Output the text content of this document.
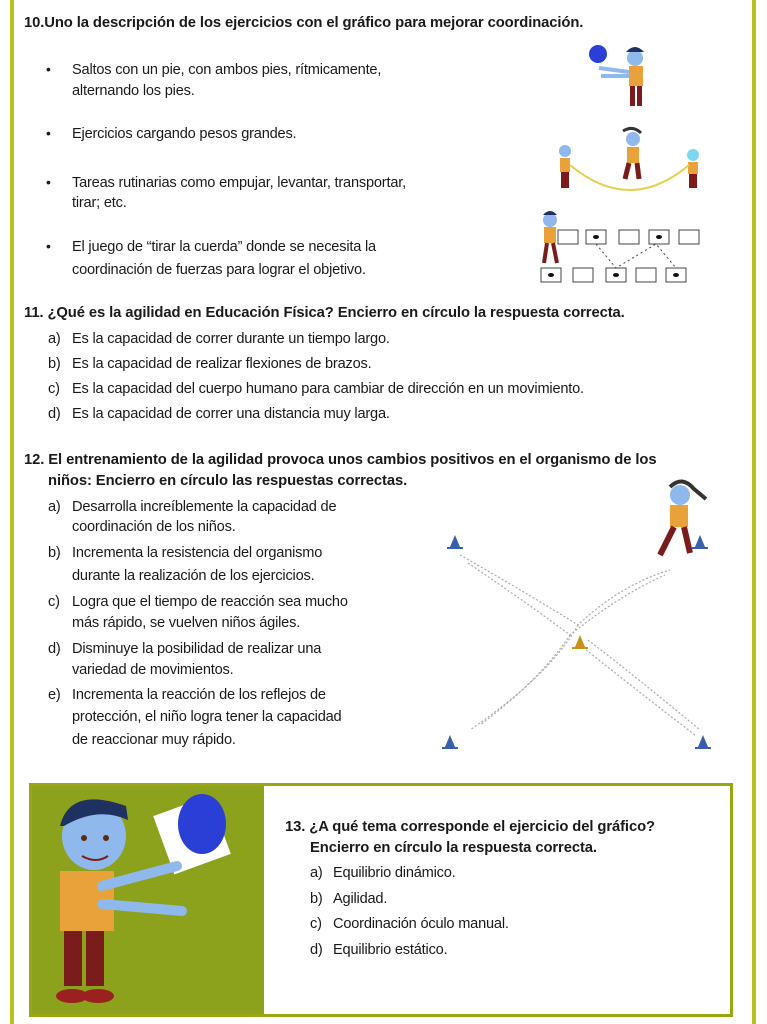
10.Uno la descripción de los ejercicios con el gráfico para mejorar coordinación.
• Saltos con un pie, con ambos pies, rítmicamente,
alternando los pies.
• Ejercicios cargando pesos grandes.
• Tareas rutinarias como empujar, levantar, transportar,
tirar; etc.
• El juego de “tirar la cuerda” donde se necesita la
coordinación de fuerzas para lograr el objetivo.
11. ¿Qué es la agilidad en Educación Física? Encierro en círculo la respuesta correcta.
a) Es la capacidad de correr durante un tiempo largo.
b) Es la capacidad de realizar flexiones de brazos.
c) Es la capacidad del cuerpo humano para cambiar de dirección en un movimiento.
d) Es la capacidad de correr una distancia muy larga.
12. El entrenamiento de la agilidad provoca unos cambios positivos en el organismo de los
niños: Encierro en círculo las respuestas correctas.
a) Desarrolla increíblemente la capacidad de
coordinación de los niños.
b) Incrementa la resistencia del organismo
durante la realización de los ejercicios.
c) Logra que el tiempo de reacción sea mucho
más rápido, se vuelven niños ágiles.
d) Disminuye la posibilidad de realizar una
variedad de movimientos.
e) Incrementa la reacción de los reflejos de
protección, el niño logra tener la capacidad
de reaccionar muy rápido.
13. ¿A qué tema corresponde el ejercicio del gráfico?
Encierro en círculo la respuesta correcta.
a) Equilibrio dinámico.
b) Agilidad.
c) Coordinación óculo manual.
d) Equilibrio estático.
